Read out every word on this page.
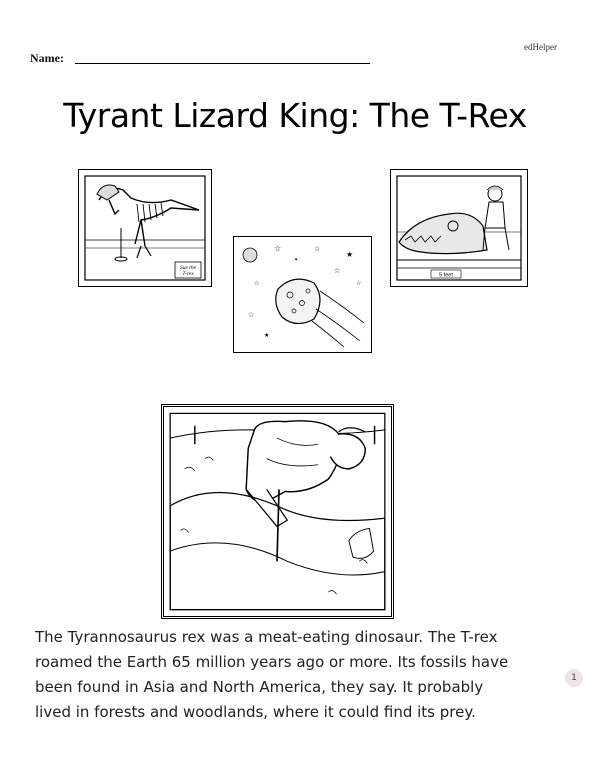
edHelper
Name:
Tyrant Lizard King: The T-Rex
Sue the
T-rex
☆	☆
★
☆
☆
☆
★
☆
✦
5 feet
The Tyrannosaurus rex was a meat-eating dinosaur. The T-rex
roamed the Earth 65 million years ago or more. Its fossils have
been found in Asia and North America, they say. It probably
lived in forests and woodlands, where it could find its prey.
1
